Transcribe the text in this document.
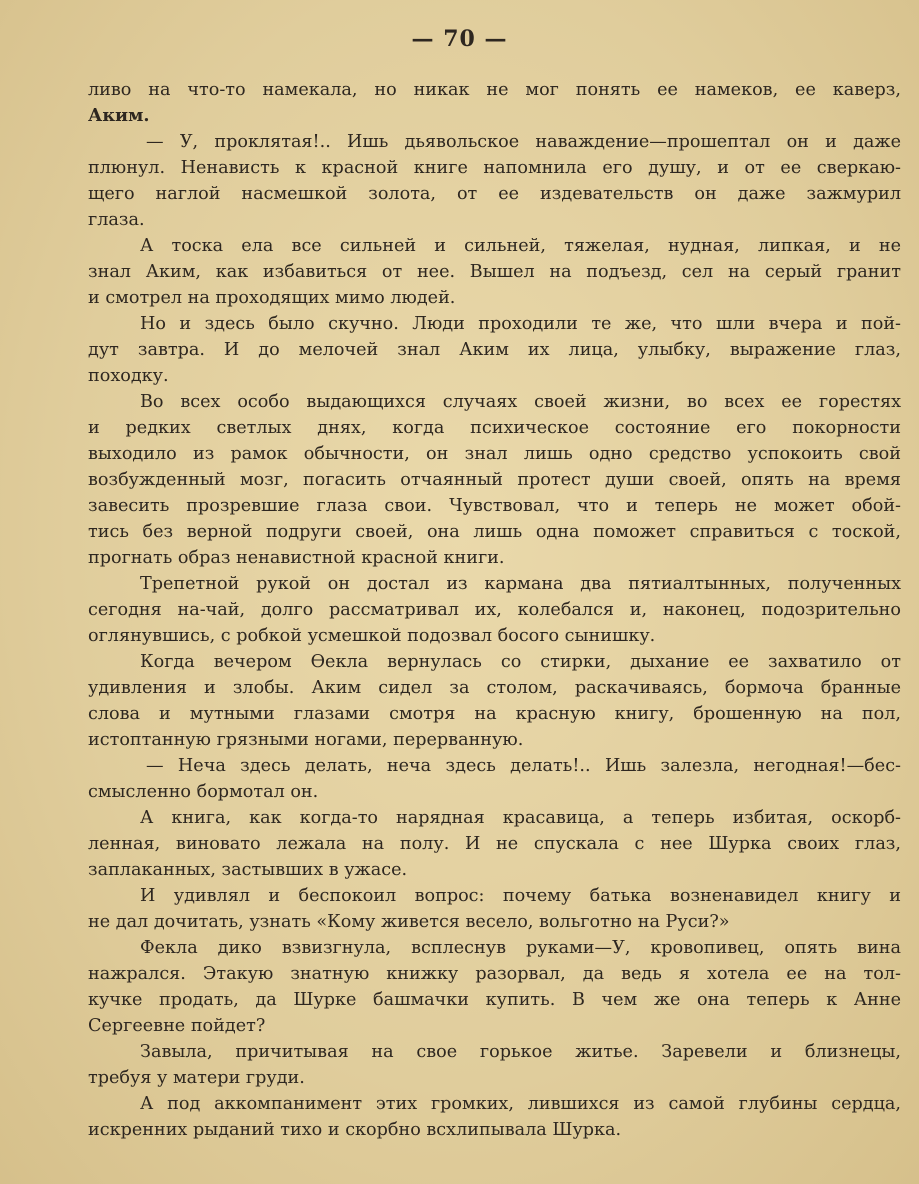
— 70 —
ливо на что-то намекала, но никак не мог понять ее намеков, ее каверз,
Аким.
— У, проклятая!.. Ишь дьявольское наваждение—прошептал он и даже
плюнул. Ненависть к красной книге напомнила его душу, и от ее сверкаю-
щего наглой насмешкой золота, от ее издевательств он даже зажмурил
глаза.
А тоска ела все сильней и сильней, тяжелая, нудная, липкая, и не
знал Аким, как избавиться от нее. Вышел на подъезд, сел на серый гранит
и смотрел на проходящих мимо людей.
Но и здесь было скучно. Люди проходили те же, что шли вчера и пой-
дут завтра. И до мелочей знал Аким их лица, улыбку, выражение глаз,
походку.
Во всех особо выдающихся случаях своей жизни, во всех ее горестях
и редких светлых днях, когда психическое состояние его покорности
выходило из рамок обычности, он знал лишь одно средство успокоить свой
возбужденный мозг, погасить отчаянный протест души своей, опять на время
завесить прозревшие глаза свои. Чувствовал, что и теперь не может обой-
тись без верной подруги своей, она лишь одна поможет справиться с тоской,
прогнать образ ненавистной красной книги.
Трепетной рукой он достал из кармана два пятиалтынных, полученных
сегодня на-чай, долго рассматривал их, колебался и, наконец, подозрительно
оглянувшись, с робкой усмешкой подозвал босого сынишку.
Когда вечером Өекла вернулась со стирки, дыхание ее захватило от
удивления и злобы. Аким сидел за столом, раскачиваясь, бормоча бранные
слова и мутными глазами смотря на красную книгу, брошенную на пол,
истоптанную грязными ногами, перерванную.
— Неча здесь делать, неча здесь делать!.. Ишь залезла, негодная!—бес-
смысленно бормотал он.
А книга, как когда-то нарядная красавица, а теперь избитая, оскорб-
ленная, виновато лежала на полу. И не спускала с нее Шурка своих глаз,
заплаканных, застывших в ужасе.
И удивлял и беспокоил вопрос: почему батька возненавидел книгу и
не дал дочитать, узнать «Кому живется весело, вольготно на Руси?»
Фекла дико взвизгнула, всплеснув руками—У, кровопивец, опять вина
нажрался. Этакую знатную книжку разорвал, да ведь я хотела ее на тол-
кучке продать, да Шурке башмачки купить. В чем же она теперь к Анне
Сергеевне пойдет?
Завыла, причитывая на свое горькое житье. Заревели и близнецы,
требуя у матери груди.
А под аккомпанимент этих громких, лившихся из самой глубины сердца,
искренних рыданий тихо и скорбно всхлипывала Шурка.
